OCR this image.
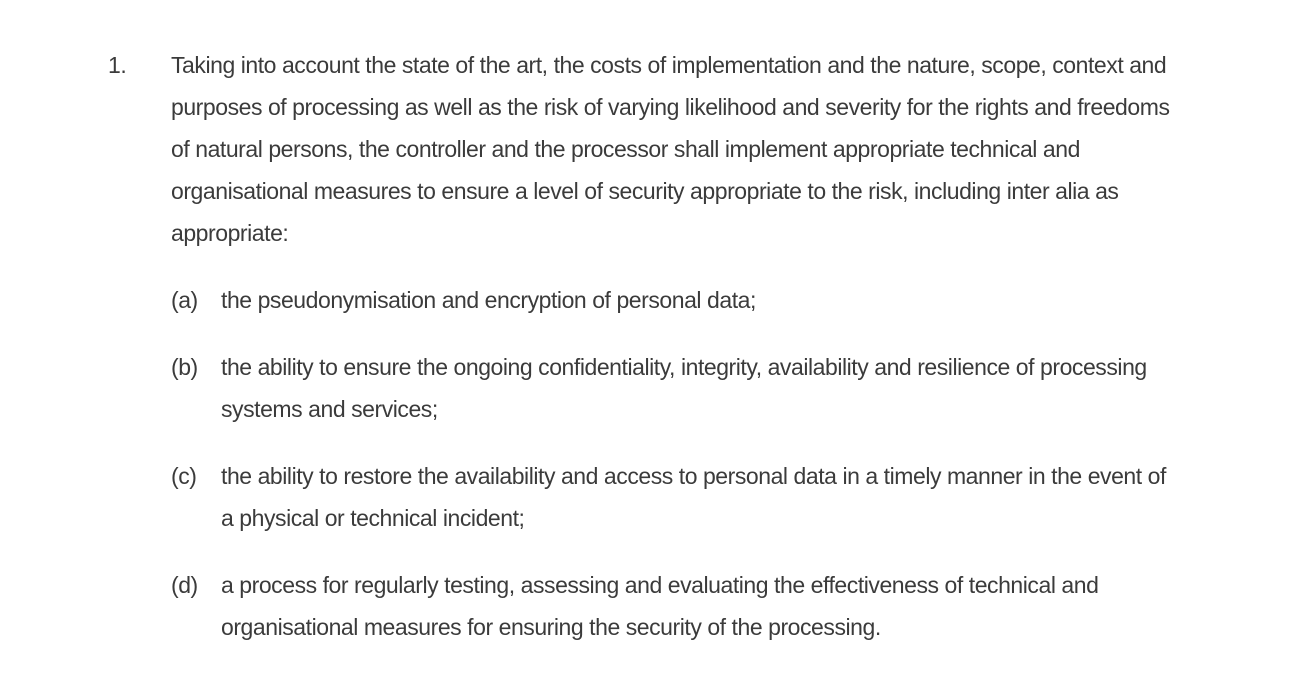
1. Taking into account the state of the art, the costs of implementation and the nature, scope, context and purposes of processing as well as the risk of varying likelihood and severity for the rights and freedoms of natural persons, the controller and the processor shall implement appropriate technical and organisational measures to ensure a level of security appropriate to the risk, including inter alia as appropriate:
(a) the pseudonymisation and encryption of personal data;
(b) the ability to ensure the ongoing confidentiality, integrity, availability and resilience of processing systems and services;
(c) the ability to restore the availability and access to personal data in a timely manner in the event of a physical or technical incident;
(d) a process for regularly testing, assessing and evaluating the effectiveness of technical and organisational measures for ensuring the security of the processing.
